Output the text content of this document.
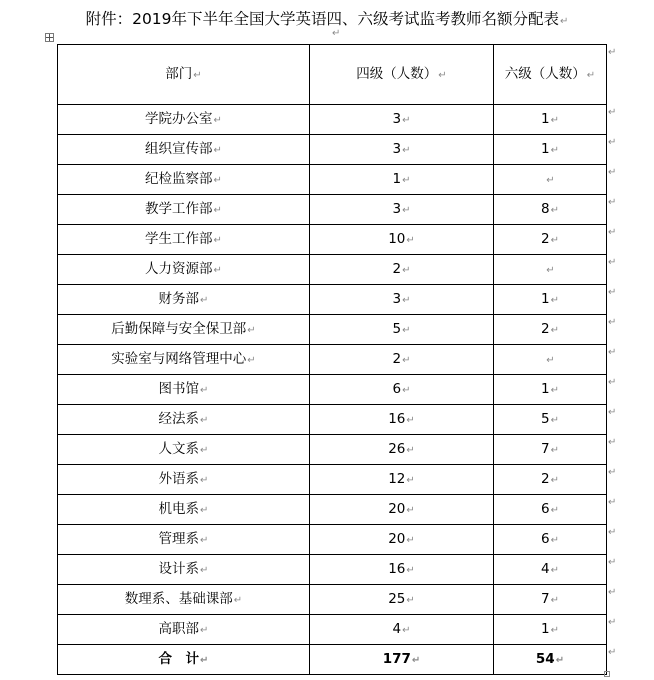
附件：2019年下半年全国大学英语四、六级考试监考教师名额分配表↵
↵
部门↵	四级（人数）↵	六级（人数）↵
学院办公室↵	3↵	1↵
组织宣传部↵	3↵	1↵
纪检监察部↵	1↵	↵
教学工作部↵	3↵	8↵
学生工作部↵	10↵	2↵
人力资源部↵	2↵	↵
财务部↵	3↵	1↵
后勤保障与安全保卫部↵	5↵	2↵
实验室与网络管理中心↵	2↵	↵
图书馆↵	6↵	1↵
经法系↵	16↵	5↵
人文系↵	26↵	7↵
外语系↵	12↵	2↵
机电系↵	20↵	6↵
管理系↵	20↵	6↵
设计系↵	16↵	4↵
数理系、基础课部↵	25↵	7↵
高职部↵	4↵	1↵
合　计↵	177↵	54↵
↵
↵
↵
↵
↵
↵
↵
↵
↵
↵
↵
↵
↵
↵
↵
↵
↵
↵
↵
↵
